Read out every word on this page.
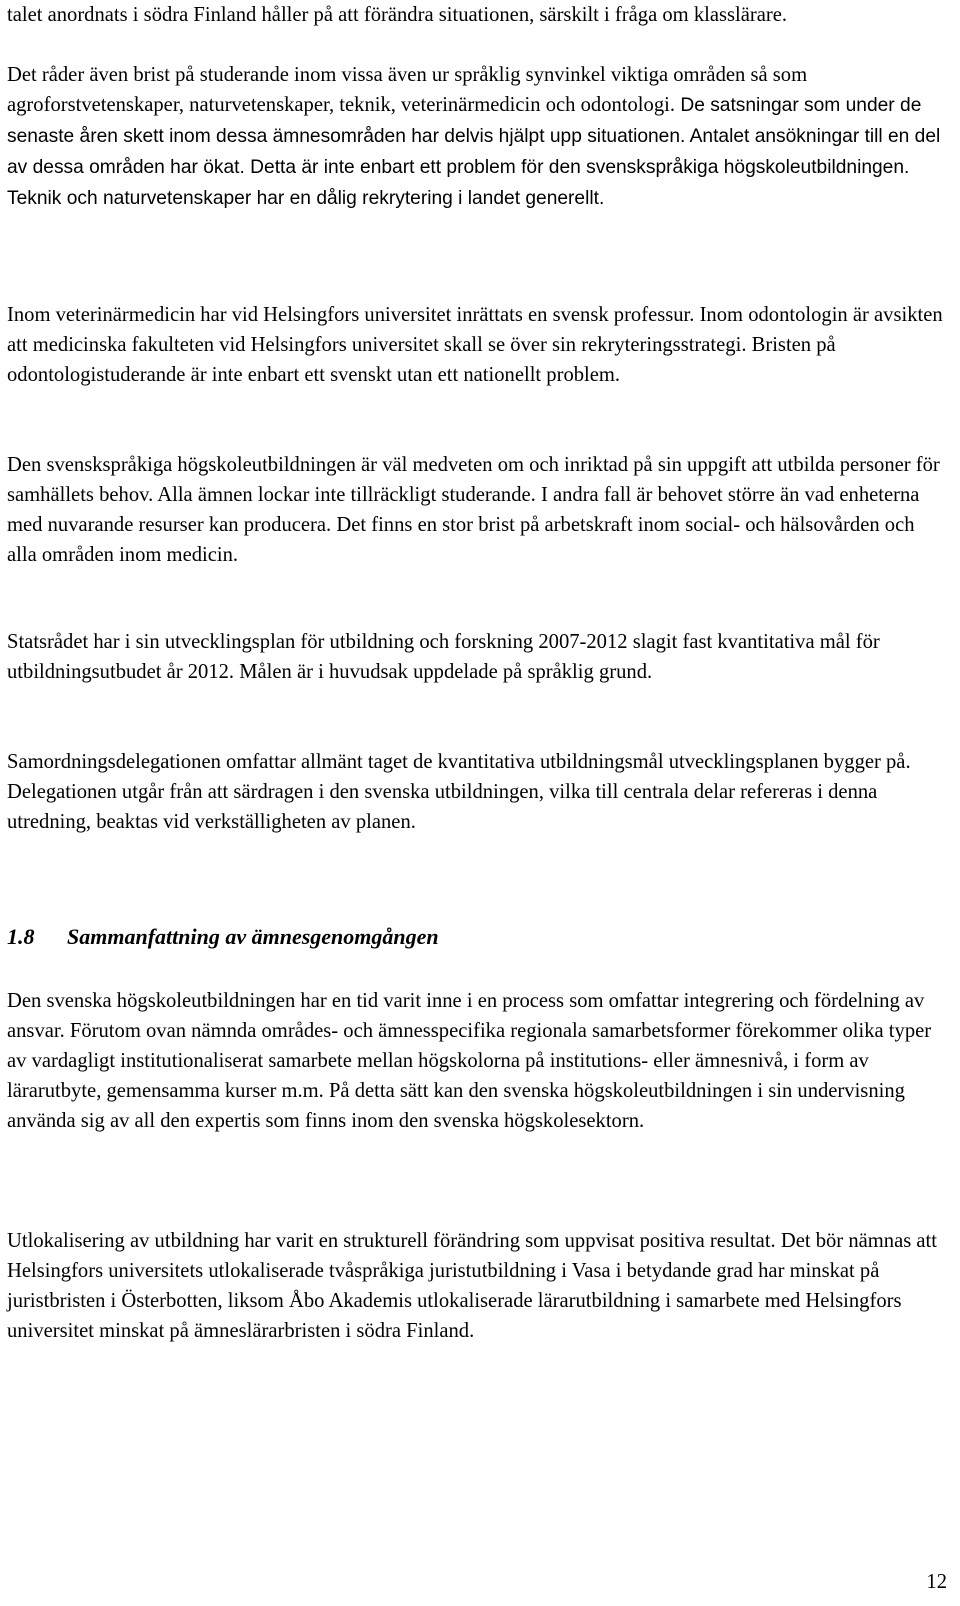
talet anordnats i södra Finland håller på att förändra situationen, särskilt i fråga om klasslärare.

Det råder även brist på studerande inom vissa även ur språklig synvinkel viktiga områden så som agroforstvetenskaper, naturvetenskaper, teknik, veterinärmedicin och odontologi. De satsningar som under de senaste åren skett inom dessa ämnesområden har delvis hjälpt upp situationen. Antalet ansökningar till en del av dessa områden har ökat. Detta är inte enbart ett problem för den svenskspråkiga högskoleutbildningen. Teknik och naturvetenskaper har en dålig rekrytering i landet generellt.

Inom veterinärmedicin har vid Helsingfors universitet inrättats en svensk professur. Inom odontologin är avsikten att medicinska fakulteten vid Helsingfors universitet skall se över sin rekryteringsstrategi. Bristen på odontologistuderande är inte enbart ett svenskt utan ett nationellt problem.

Den svenskspråkiga högskoleutbildningen är väl medveten om och inriktad på sin uppgift att utbilda personer för samhällets behov. Alla ämnen lockar inte tillräckligt studerande. I andra fall är behovet större än vad enheterna med nuvarande resurser kan producera. Det finns en stor brist på arbetskraft inom social- och hälsovården och alla områden inom medicin.

Statsrådet har i sin utvecklingsplan för utbildning och forskning 2007-2012 slagit fast kvantitativa mål för utbildningsutbudet år 2012. Målen är i huvudsak uppdelade på språklig grund.

Samordningsdelegationen omfattar allmänt taget de kvantitativa utbildningsmål utvecklingsplanen bygger på. Delegationen utgår från att särdragen i den svenska utbildningen, vilka till centrala delar refereras i denna utredning, beaktas vid verkställigheten av planen.

1.8 Sammanfattning av ämnesgenomgången

Den svenska högskoleutbildningen har en tid varit inne i en process som omfattar integrering och fördelning av ansvar. Förutom ovan nämnda områdes- och ämnesspecifika regionala samarbetsformer förekommer olika typer av vardagligt institutionaliserat samarbete mellan högskolorna på institutions- eller ämnesnivå, i form av lärarutbyte, gemensamma kurser m.m. På detta sätt kan den svenska högskoleutbildningen i sin undervisning använda sig av all den expertis som finns inom den svenska högskolesektorn.

Utlokalisering av utbildning har varit en strukturell förändring som uppvisat positiva resultat. Det bör nämnas att Helsingfors universitets utlokaliserade tvåspråkiga juristutbildning i Vasa i betydande grad har minskat på juristbristen i Österbotten, liksom Åbo Akademis utlokaliserade lärarutbildning i samarbete med Helsingfors universitet minskat på ämneslärarbristen i södra Finland.

12
